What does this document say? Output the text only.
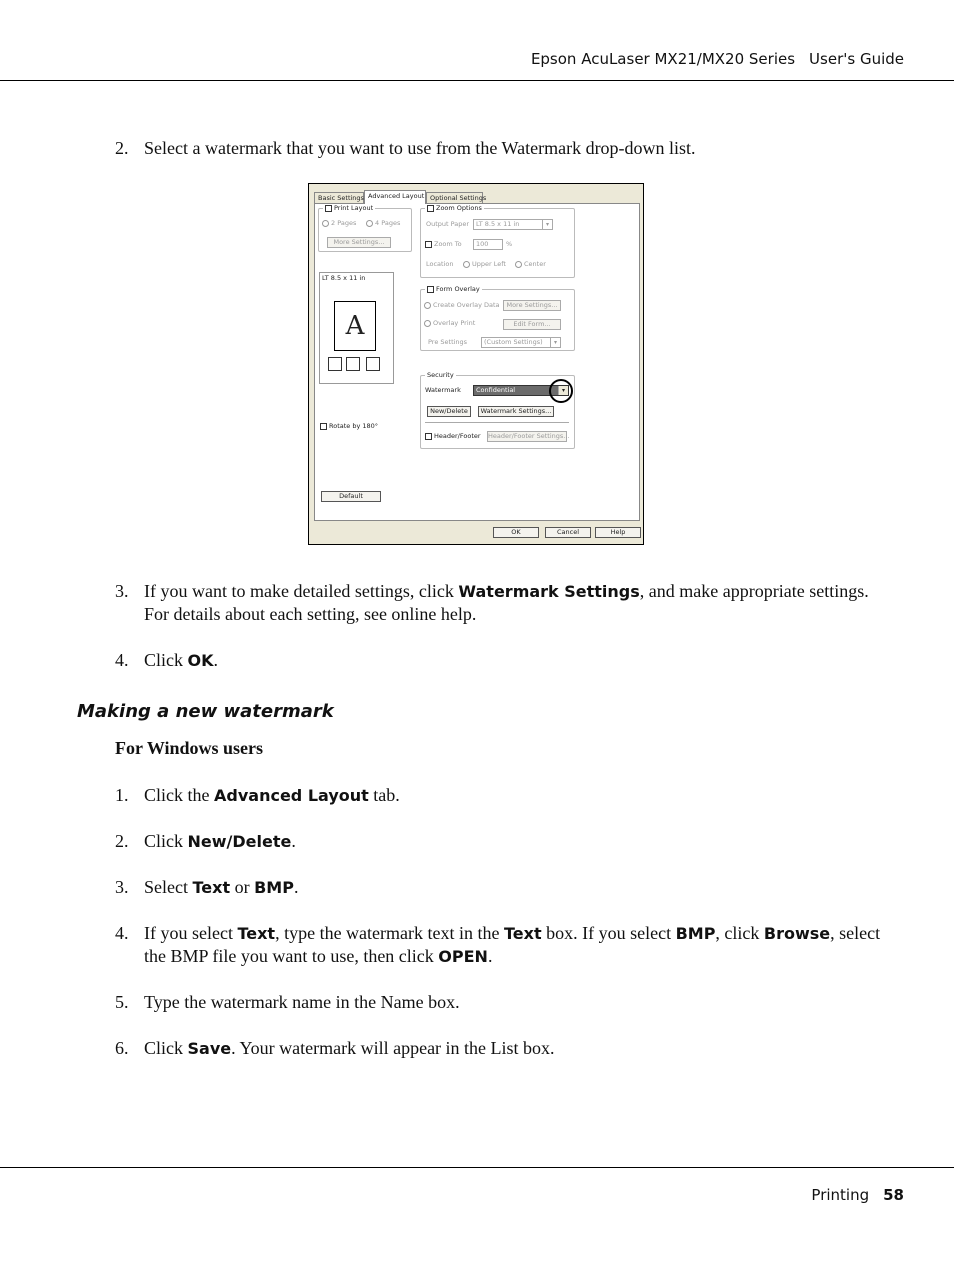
Epson AcuLaser MX21/MX20 Series User's Guide
2. Select a watermark that you want to use from the Watermark drop-down list.
Basic Settings Advanced Layout Optional Settings
Print Layout
2 Pages	4 Pages
More Settings...
LT 8.5 x 11 in
A
Rotate by 180°
Default
Zoom Options
Output Paper	LT 8.5 x 11 in	▾
Zoom To	100	%
Location	Upper Left	Center
Form Overlay
Create Overlay Data	More Settings...
Overlay Print	Edit Form...
Pre Settings	(Custom Settings)	▾
Security
Watermark	Confidential	▾
New/Delete	Watermark Settings...
Header/Footer Header/Footer Settings...
OK	Cancel	Help
3. If you want to make detailed settings, click Watermark Settings, and make appropriate settings. For details about each setting, see online help.
4. Click OK.
Making a new watermark
For Windows users
1. Click the Advanced Layout tab.
2. Click New/Delete.
3. Select Text or BMP.
4. If you select Text, type the watermark text in the Text box. If you select BMP, click Browse, select the BMP file you want to use, then click OPEN.
5. Type the watermark name in the Name box.
6. Click Save. Your watermark will appear in the List box.
Printing 58
